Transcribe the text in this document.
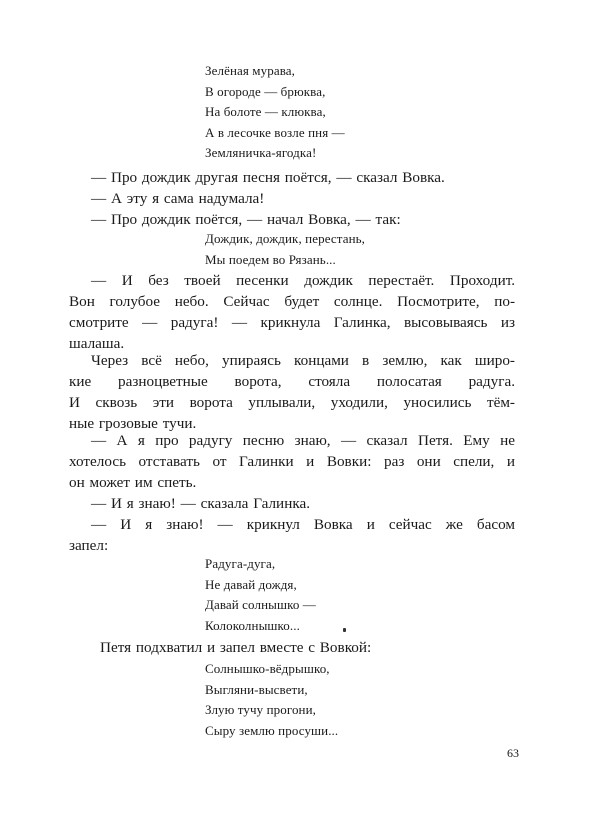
Зелёная мурава,
В огороде — брюква,
На болоте — клюква,
А в лесочке возле пня —
Земляничка-ягодка!
— Про дождик другая песня поётся, — сказал Вовка.
— А эту я сама надумала!
— Про дождик поётся, — начал Вовка, — так:
Дождик, дождик, перестань,
Мы поедем во Рязань...
— И без твоей песенки дождик перестаёт. Проходит.
Вон голубое небо. Сейчас будет солнце. Посмотрите, по-
смотрите — радуга! — крикнула Галинка, высовываясь из
шалаша.
Через всё небо, упираясь концами в землю, как широ-
кие разноцветные ворота, стояла полосатая радуга.
И сквозь эти ворота уплывали, уходили, уносились тём-
ные грозовые тучи.
— А я про радугу песню знаю, — сказал Петя. Ему не
хотелось отставать от Галинки и Вовки: раз они спели, и
он может им спеть.
— И я знаю! — сказала Галинка.
— И я знаю! — крикнул Вовка и сейчас же басом
запел:
Радуга-дуга,
Не давай дождя,
Давай солнышко —
Колоколнышко...
Петя подхватил и запел вместе с Вовкой:
Солнышко-вёдрышко,
Выгляни-высвети,
Злую тучу прогони,
Сыру землю просуши...
63
